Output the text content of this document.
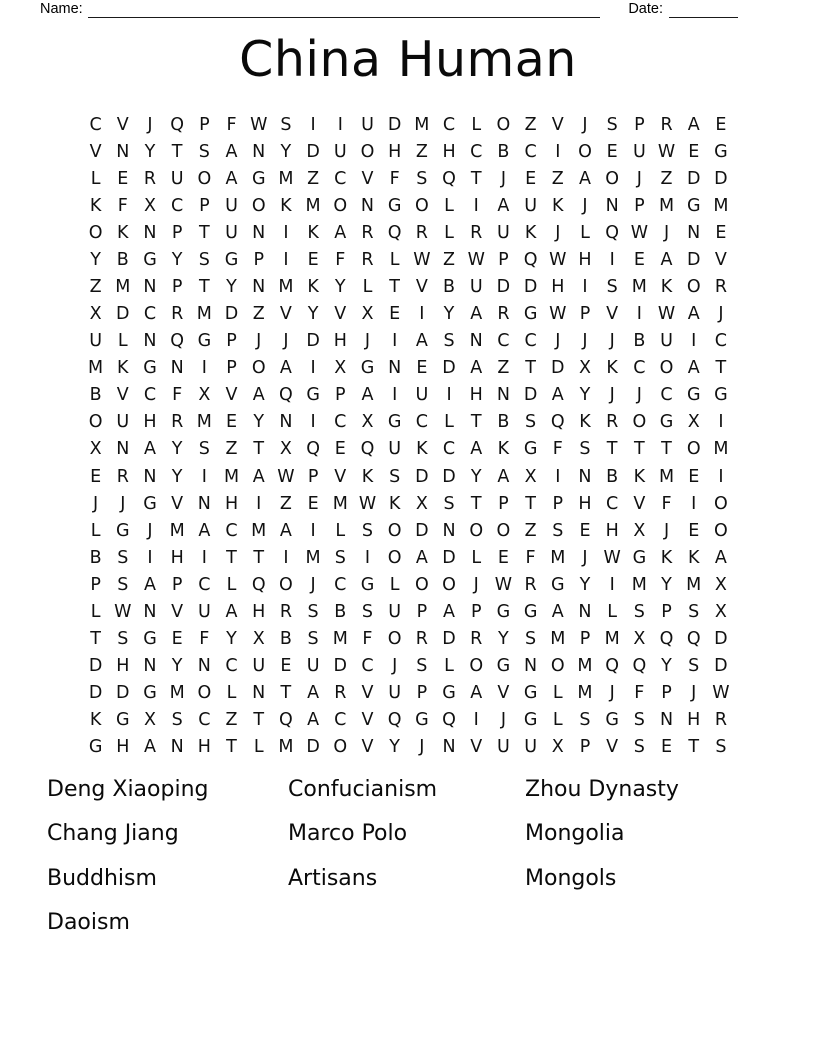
Name:	Date:
China Human
C V	J	Q P F W S	I	I	U D M C L O Z V	J	S P R A E
V N Y T S A N Y D U O H Z H C B C	I	O E U W E G
L E R U O A G M Z C V F S Q T	J	E Z A O	J	Z D D
K F X C P U O K M O N G O L	I	A U K	J	N P M G M
O K N P T U N	I	K A R Q R L R U K	J	L Q W J	N E
Y B G Y S G P	I	E F R L W Z W P Q W H	I	E A D V
Z M N P T Y N M K Y L T V B U D D H	I	S M K O R
X D C R M D Z V Y V X E	I	Y A R G W P V	I W A	J
U L N Q G P	J	J	D H	J	I	A S N C C	J	J	J	B U	I	C
M K G N	I	P O A	I	X G N E D A Z T D X K C O A T
B V C F X V A Q G P A	I	U	I	H N D A Y	J	J	C G G
O U H R M E Y N	I	C X G C L T B S Q K R O G X	I
X N A Y S Z T X Q E Q U K C A K G F S T T T O M
E R N Y	I M A W P V K S D D Y A X	I	N B K M E	I
J	J	G V N H	I	Z E M W K X S T P T P H C V F	I	O
L G	J M A C M A	I	L S O D N O O Z S E H X	J	E O
B S	I	H	I	T T	I M S	I	O A D L E F M J W G K K A
P S A P C L Q O	J	C G L O O	J W R G Y	I M Y M X
L W N V U A H R S B S U P A P G G A N L S P S X
T S G E F Y X B S M F O R D R Y S M P M X Q Q D
D H N Y N C U E U D C	J	S L O G N O M Q Q Y S D
D D G M O L N T A R V U P G A V G L M J	F P	J W
K G X S C Z T Q A C V Q G Q	I	J	G L S G S N H R
G H A N H T L M D O V Y	J	N V U U X P V S E T S
Deng Xiaoping
Chang Jiang
Buddhism
Daoism
Confucianism
Marco Polo
Artisans
Zhou Dynasty
Mongolia
Mongols
